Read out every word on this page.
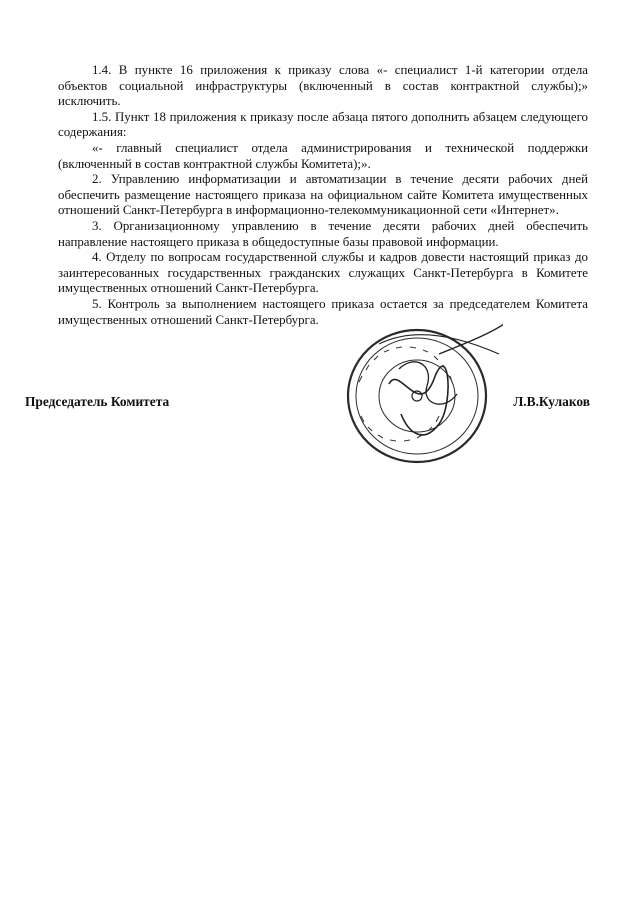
1.4. В пункте 16 приложения к приказу слова «- специалист 1-й категории отдела объектов социальной инфраструктуры (включенный в состав контрактной службы);» исключить.

1.5. Пункт 18 приложения к приказу после абзаца пятого дополнить абзацем следующего содержания:

«- главный специалист отдела администрирования и технической поддержки (включенный в состав контрактной службы Комитета);».

2. Управлению информатизации и автоматизации в течение десяти рабочих дней обеспечить размещение настоящего приказа на официальном сайте Комитета имущественных отношений Санкт-Петербурга в информационно-телекоммуникационной сети «Интернет».

3. Организационному управлению в течение десяти рабочих дней обеспечить направление настоящего приказа в общедоступные базы правовой информации.

4. Отделу по вопросам государственной службы и кадров довести настоящий приказ до заинтересованных государственных гражданских служащих Санкт-Петербурга в Комитете имущественных отношений Санкт-Петербурга.

5. Контроль за выполнением настоящего приказа остается за председателем Комитета имущественных отношений Санкт-Петербурга.

Председатель Комитета	Л.В.Кулаков
